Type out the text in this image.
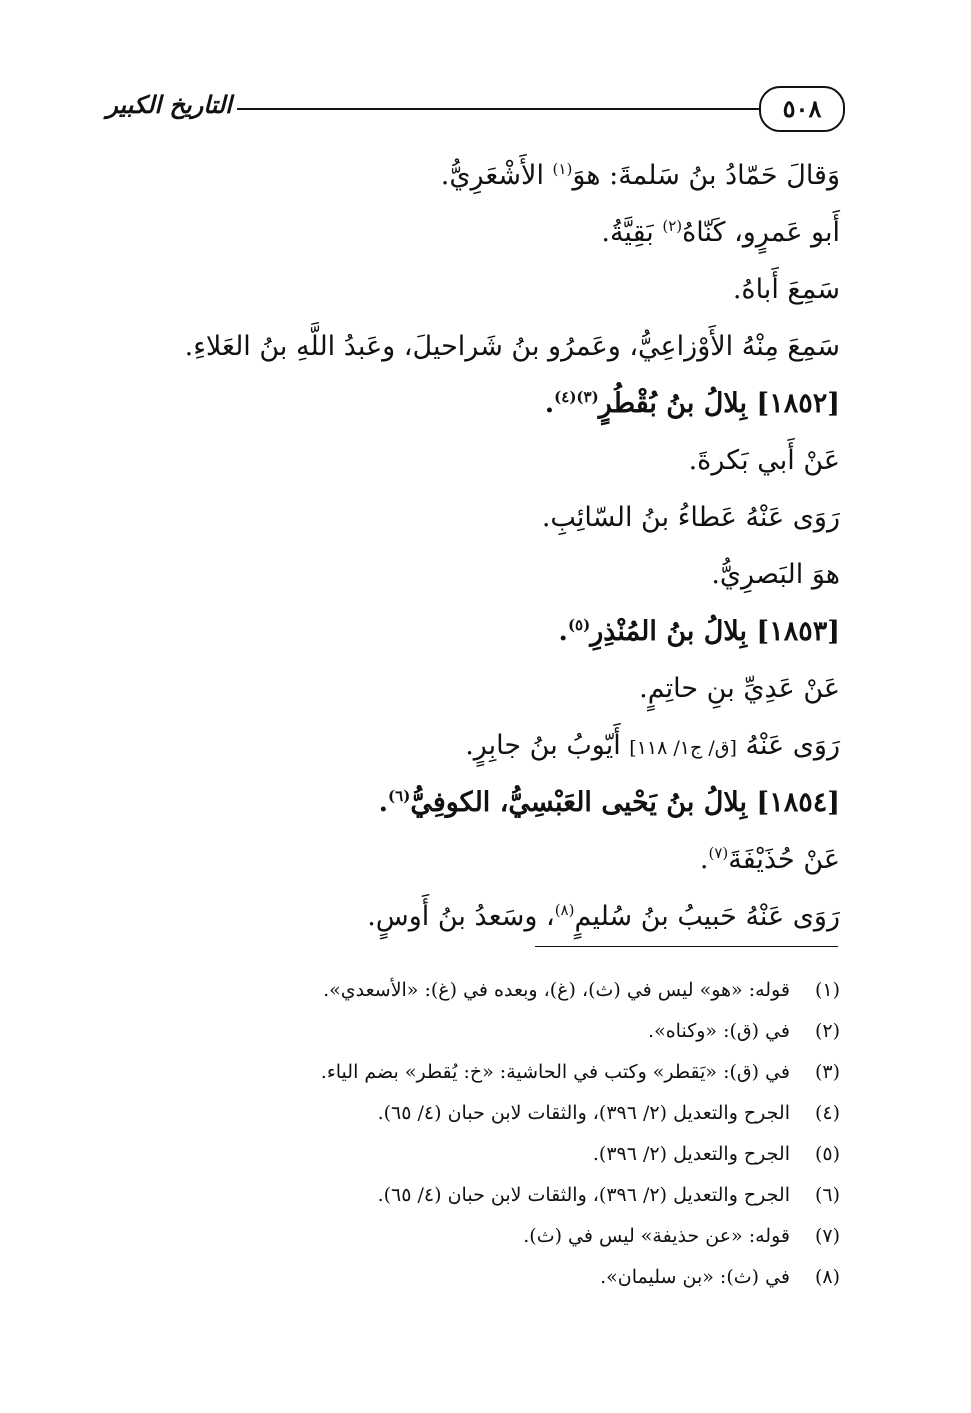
٥٠٨
التاريخ الكبير
وَقالَ حَمّادُ بنُ سَلمةَ: هوَ$^{(١)}$ الأَشْعَرِيُّ.
أَبو عَمرٍو، كَنّاهُ$^{(٢)}$ بَقِيَّةُ.
سَمِعَ أَباهُ.
سَمِعَ مِنْهُ الأَوْزاعِيُّ، وعَمرُو بنُ شَراحيلَ، وعَبدُ اللَّهِ بنُ العَلاءِ.
[١٨٥٢] بِلالُ بنُ بُقْطُرٍ$^{(٣)(٤)}$.
عَنْ أَبي بَكرةَ.
رَوَى عَنْهُ عَطاءُ بنُ السّائِبِ.
هوَ البَصرِيُّ.
[١٨٥٣] بِلالُ بنُ المُنْذِرِ$^{(٥)}$.
عَنْ عَدِيِّ بنِ حاتِمٍ.
رَوَى عَنْهُ [ق/ ج١/ ١١٨] أَيّوبُ بنُ جابِرٍ.
[١٨٥٤] بِلالُ بنُ يَحْيى العَبْسِيُّ، الكوفِيُّ$^{(٦)}$.
عَنْ حُذَيْفَةَ$^{(٧)}$.
رَوَى عَنْهُ حَبيبُ بنُ سُليمٍ$^{(٨)}$، وسَعدُ بنُ أَوسٍ.
(١)قوله: «هو» ليس في (ث)، (غ)، وبعده في (غ): «الأسعدي».
(٢)في (ق): «وكناه».
(٣)في (ق): «يَقطر» وكتب في الحاشية: «خ: يُقطر» بضم الياء.
(٤)الجرح والتعديل (٢/ ٣٩٦)، والثقات لابن حبان (٤/ ٦٥).
(٥)الجرح والتعديل (٢/ ٣٩٦).
(٦)الجرح والتعديل (٢/ ٣٩٦)، والثقات لابن حبان (٤/ ٦٥).
(٧)قوله: «عن حذيفة» ليس في (ث).
(٨)في (ث): «بن سليمان».
